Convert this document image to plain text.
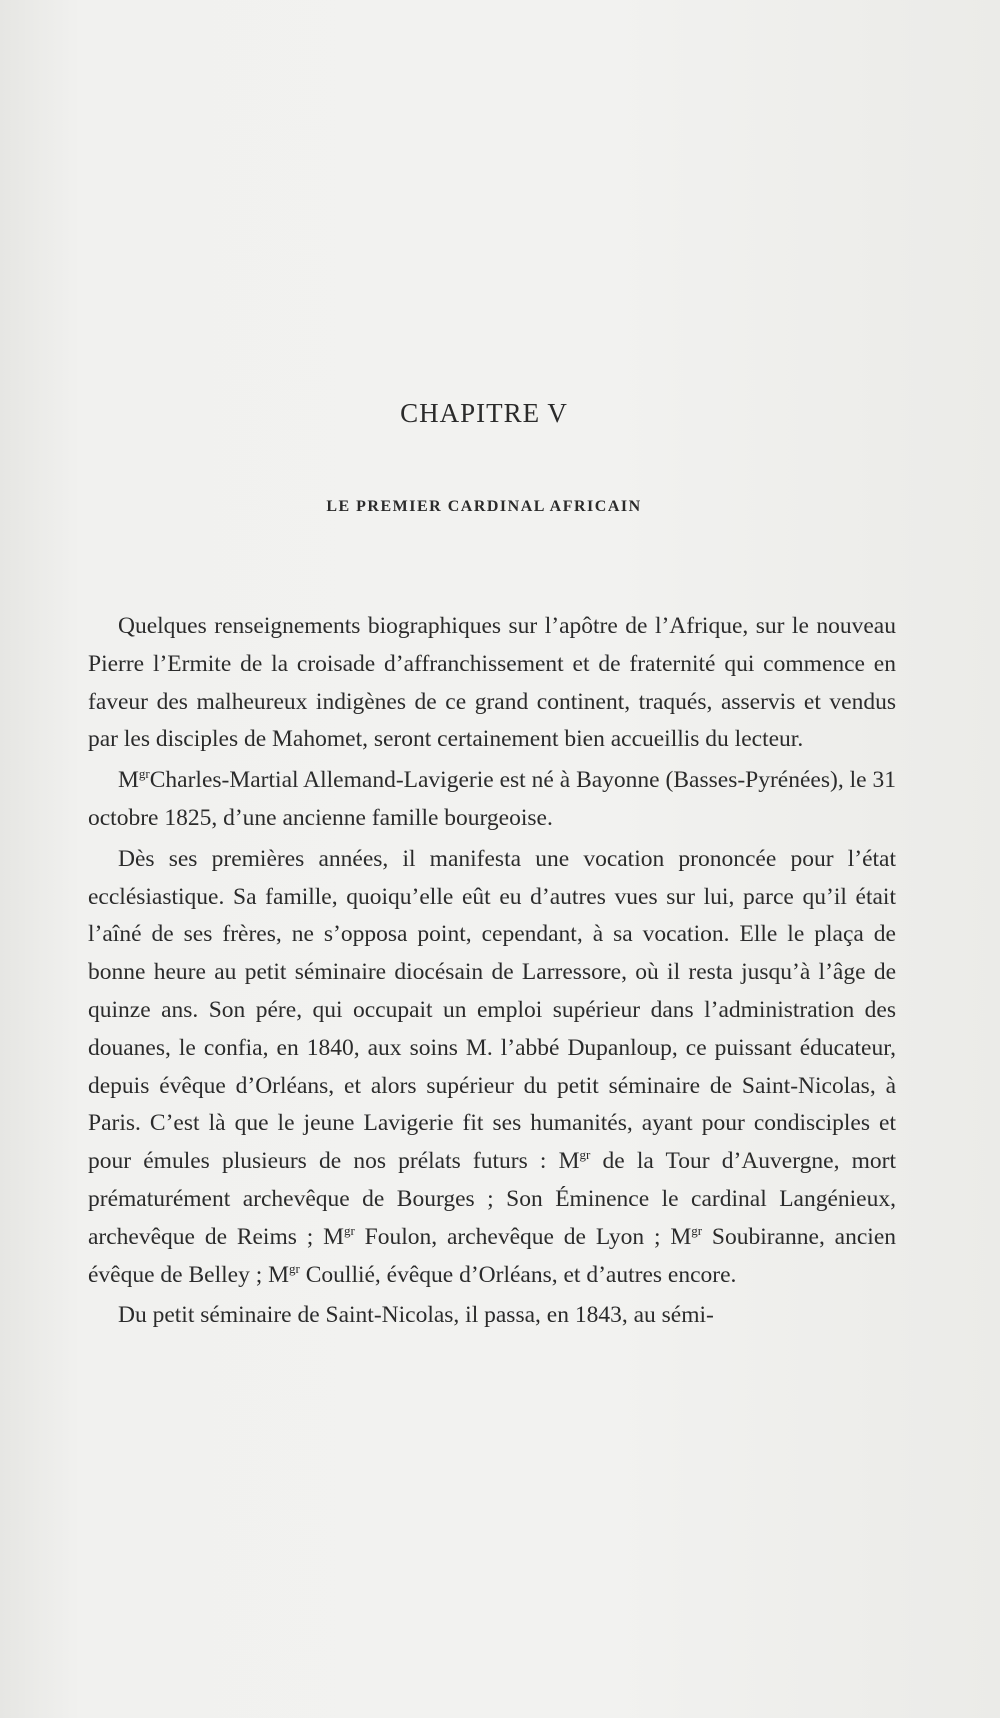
CHAPITRE V
LE PREMIER CARDINAL AFRICAIN

Quelques renseignements biographiques sur l’apôtre de l’Afrique, sur le nouveau Pierre l’Ermite de la croisade d’affranchissement et de fraternité qui commence en faveur des malheureux indigènes de ce grand continent, traqués, asservis et vendus par les disciples de Mahomet, seront certainement bien accueillis du lecteur.

$M^{gr}Charles$-Martial Allemand-Lavigerie est né à Bayonne (Basses-Pyrénées), le 31 octobre 1825, d’une ancienne famille bourgeoise.

Dès ses premières années, il manifesta une vocation prononcée pour l’état ecclésiastique. Sa famille, quoiqu’elle eût eu d’autres vues sur lui, parce qu’il était l’aîné de ses frères, ne s’opposa point, cependant, à sa vocation. Elle le plaça de bonne heure au petit séminaire diocésain de Larressore, où il resta jusqu’à l’âge de quinze ans. Son pére, qui occupait un emploi supérieur dans l’administration des douanes, le confia, en 1840, aux soins M. l’abbé Dupanloup, ce puissant éducateur, depuis évêque d’Orléans, et alors supérieur du petit séminaire de Saint-Nicolas, à Paris. C’est là que le jeune Lavigerie fit ses humanités, ayant pour condisciples et pour émules plusieurs de nos prélats futurs : $M^{gr}$ de la Tour d’Auvergne, mort prématurément archevêque de Bourges ; Son Éminence le cardinal Langénieux, archevêque de Reims ; $M^{gr}$ Foulon, archevêque de Lyon ; $M^{gr}$ Soubiranne, ancien évêque de Belley ; $M^{gr}$ Coullié, évêque d’Orléans, et d’autres encore.

Du petit séminaire de Saint-Nicolas, il passa, en 1843, au sémi-
